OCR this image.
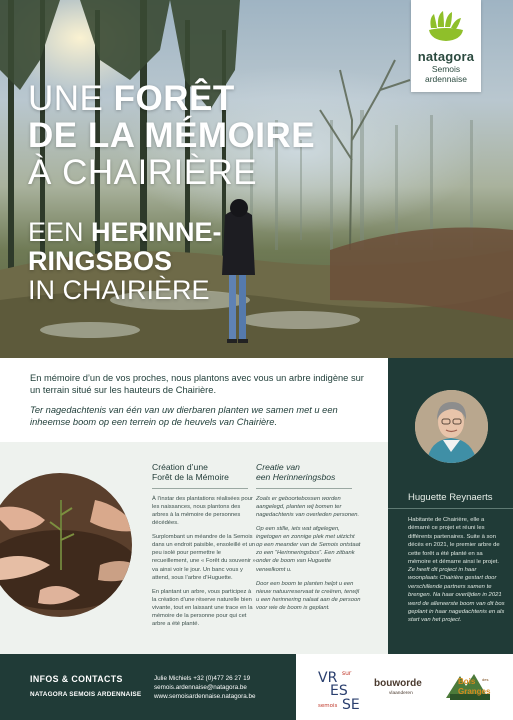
UNE FORÊT
DE LA MÉMOIRE
À CHAIRIÈRE
EEN HERINNE-
RINGSBOS
IN CHAIRIÈRE
natagora
Semois
ardennaise

En mémoire d’un de vos proches, nous plantons avec vous un arbre indigène sur un terrain situé sur les hauteurs de Chairière.

Ter nagedachtenis van één van uw dierbaren planten we samen met u een inheemse boom op een terrein op de heuvels van Chairière.

Huguette Reynaerts

Habitante de Chairière, elle a démarré ce projet et réuni les différents partenaires. Suite à son décès en 2021, le premier arbre de cette forêt a été planté en sa mémoire et démarre ainsi le projet.

Ze heeft dit project in haar woonplaats Chairière gestart door verschillende partners samen te brengen. Na haar overlijden in 2021 werd de allereerste boom van dit bos geplant in haar nagedachtenis en als start van het project.

Création d’une
Forêt de la Mémoire

À l’instar des plantations réalisées pour les naissances, nous plantons des arbres à la mémoire de personnes décédées.

Surplombant un méandre de la Semois dans un endroit paisible, ensoleillé et un peu isolé pour permettre le recueillement, une « Forêt du souvenir » va ainsi voir le jour. Un banc vous y attend, sous l’arbre d’Huguette.

En plantant un arbre, vous participez à la création d’une réserve naturelle bien vivante, tout en laissant une trace en la mémoire de la personne pour qui cet arbre a été planté.

Creatie van
een Herinneringsbos

Zoals er geboortebossen worden aangelegd, planten wij bomen ter nagedachtenis van overleden personen.

Op een stille, iets wat afgelegen, ingetogen en zonnige plek met uitzicht op een meander van de Semois ontstaat zo een “Herinneringsbos”. Een zitbank onder de boom van Huguette verwelkomt u.

Door een boom te planten helpt u een nieuw natuurreservaat te creëren, terwijl u een herinnering nalaat aan de persoon voor wie de boom is geplant.

INFOS & CONTACTS
NATAGORA SEMOIS ARDENNAISE
Julie Michiels +32 (0)477 26 27 19
semois.ardennaise@natagora.be
www.semoisardennaise.natagora.be
VR sur
ES
semois SE
bouworde
vlaanderen
Bois des
Granges
